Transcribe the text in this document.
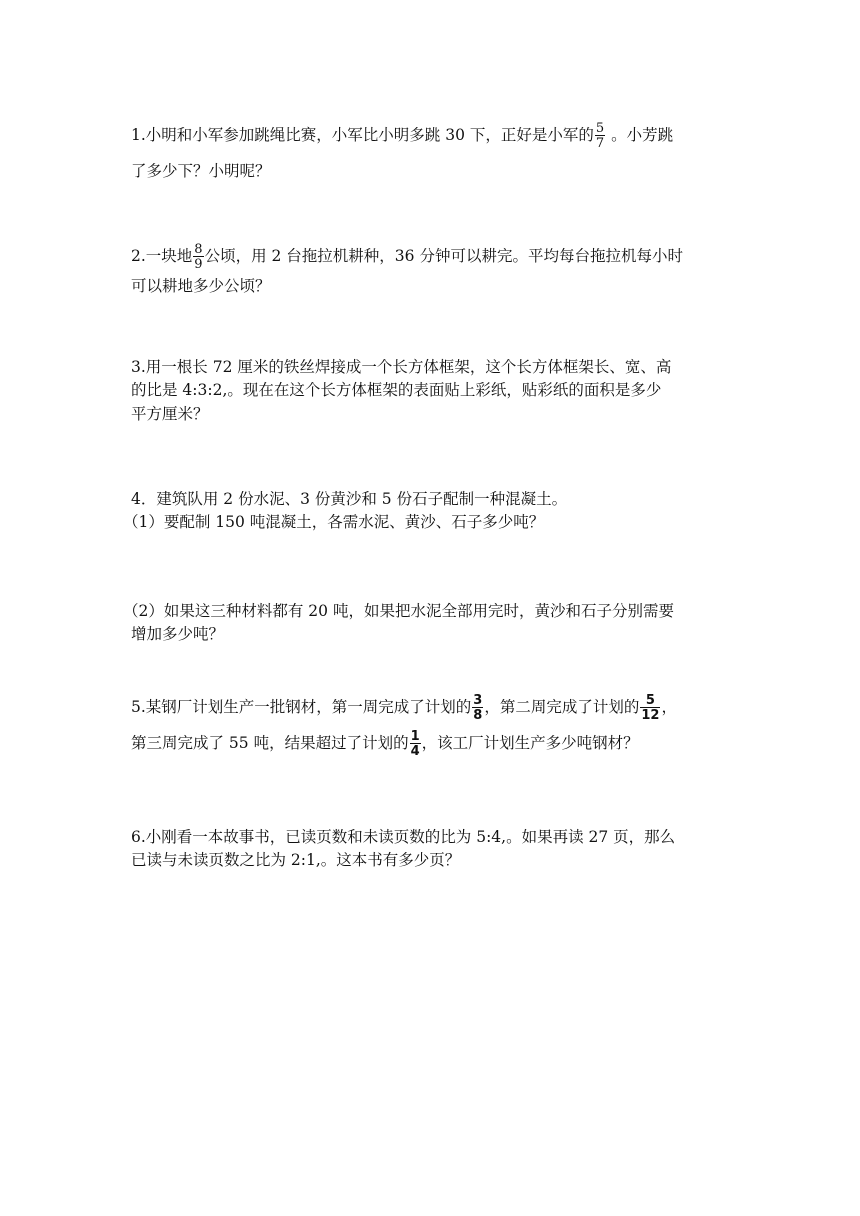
1.小明和小军参加跳绳比赛，小军比小明多跳 30 下，正好是小军的 $\frac{5}{7}$ 。小芳跳
了多少下？小明呢？
2.一块地 $\frac{8}{9}$ 公顷，用 2 台拖拉机耕种，36 分钟可以耕完。平均每台拖拉机每小时
可以耕地多少公顷？
3.用一根长 72 厘米的铁丝焊接成一个长方体框架，这个长方体框架长、宽、高
的比是 4:3:2,。现在在这个长方体框架的表面贴上彩纸，贴彩纸的面积是多少
平方厘米？
4．建筑队用 2 份水泥、3 份黄沙和 5 份石子配制一种混凝土。
（1）要配制 150 吨混凝土，各需水泥、黄沙、石子多少吨？
（2）如果这三种材料都有 20 吨，如果把水泥全部用完时，黄沙和石子分别需要
增加多少吨？
5.某钢厂计划生产一批钢材，第一周完成了计划的 $\frac{3}{8}$ ，第二周完成了计划的 $\frac{5}{12}$ ，
第三周完成了 55 吨，结果超过了计划的 $\frac{1}{4}$ ，该工厂计划生产多少吨钢材？
6.小刚看一本故事书，已读页数和未读页数的比为 5:4,。如果再读 27 页，那么
已读与未读页数之比为 2:1,。这本书有多少页？
